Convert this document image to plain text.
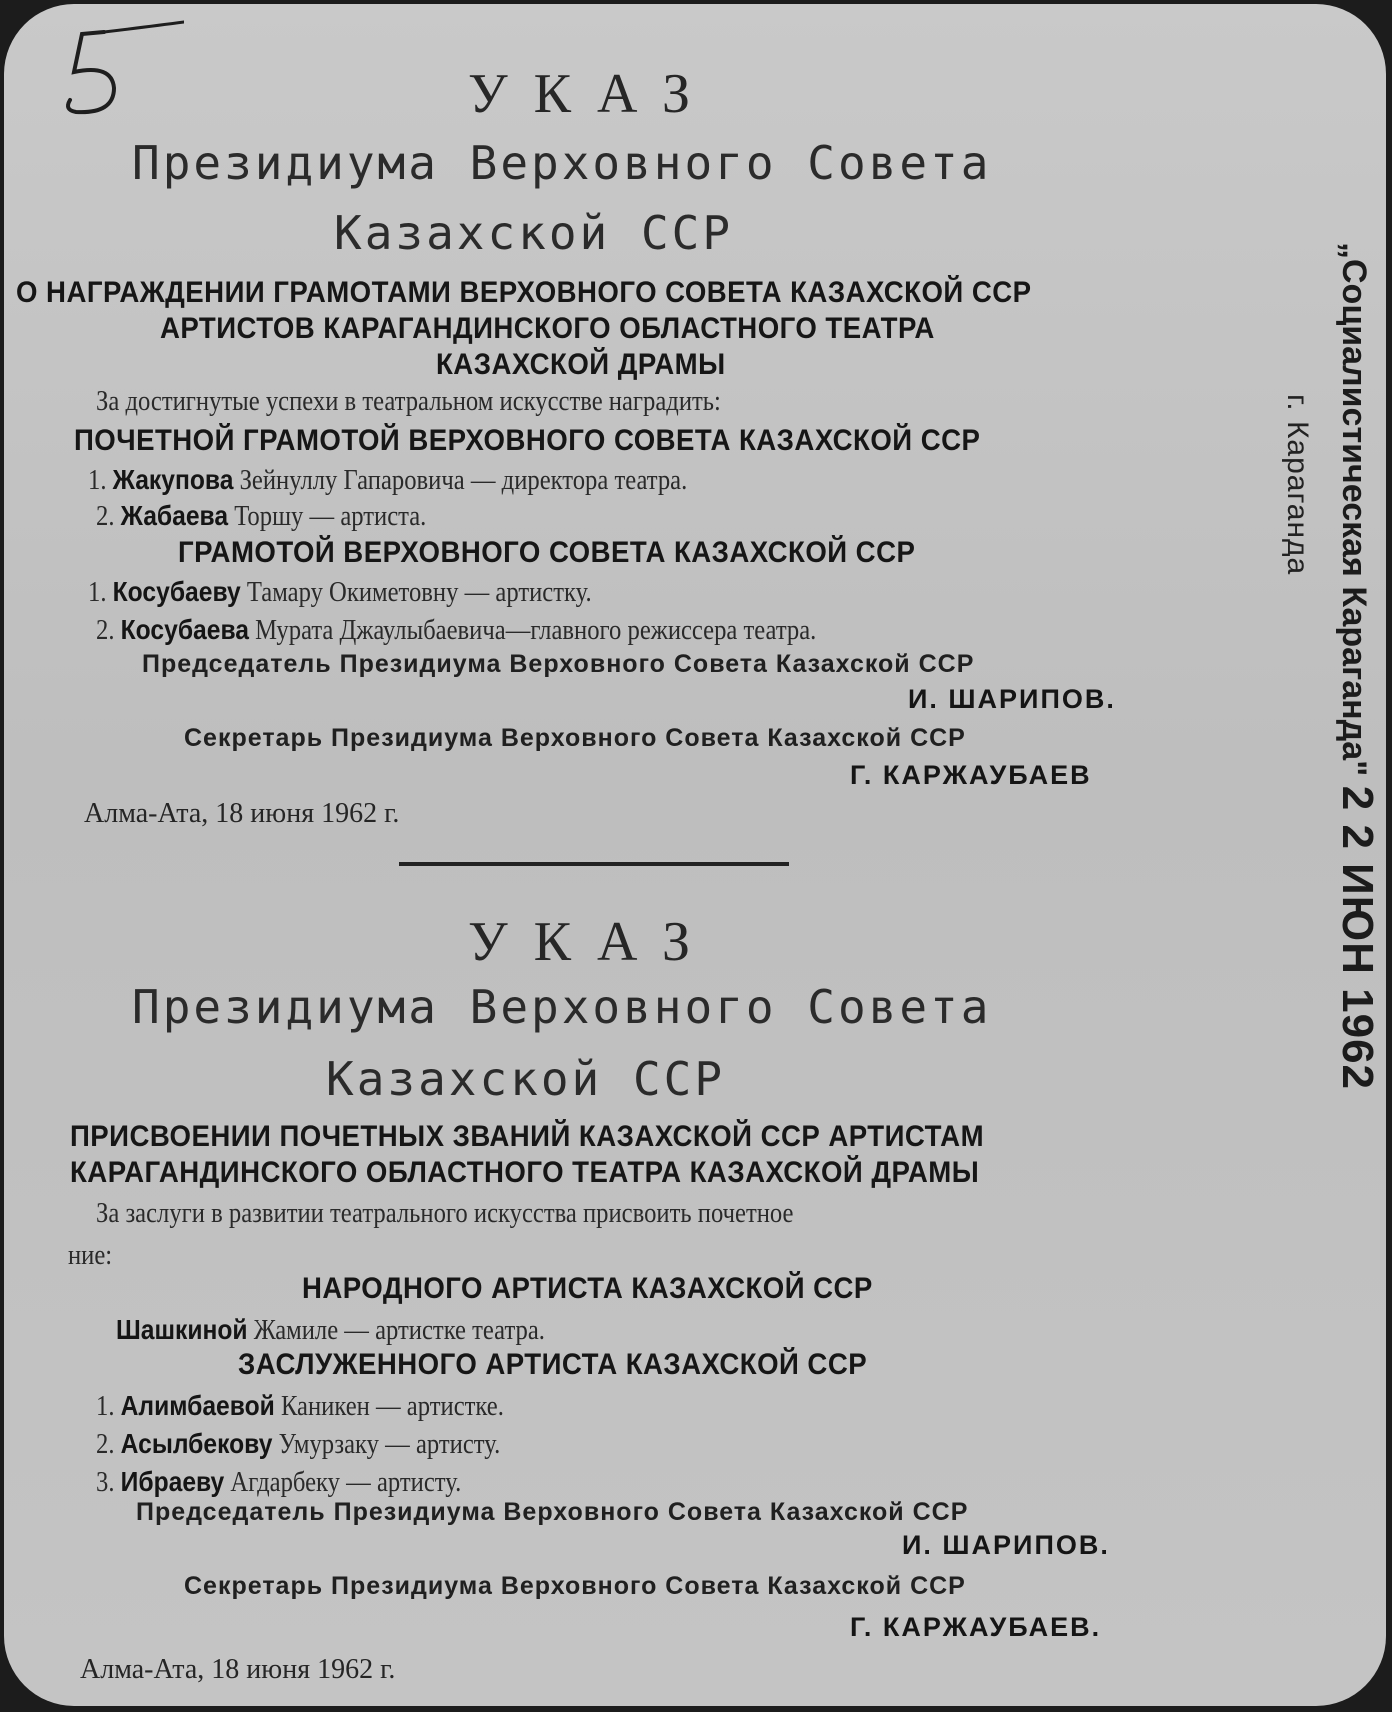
УКАЗ
Президиума Верховного Совета
Казахской ССР
О НАГРАЖДЕНИИ ГРАМОТАМИ ВЕРХОВНОГО СОВЕТА КАЗАХСКОЙ ССР
АРТИСТОВ КАРАГАНДИНСКОГО ОБЛАСТНОГО ТЕАТРА
КАЗАХСКОЙ ДРАМЫ
За достигнутые успехи в театральном искусстве наградить:
ПОЧЕТНОЙ ГРАМОТОЙ ВЕРХОВНОГО СОВЕТА КАЗАХСКОЙ ССР
1. Жакупова Зейнуллу Гапаровича — директора театра.
2. Жабаева Торшу — артиста.
ГРАМОТОЙ ВЕРХОВНОГО СОВЕТА КАЗАХСКОЙ ССР
1. Косубаеву Тамару Окиметовну — артистку.
2. Косубаева Мурата Джаулыбаевича—главного режиссера театра.
Председатель Президиума Верховного Совета Казахской ССР
И. ШАРИПОВ.
Секретарь Президиума Верховного Совета Казахской ССР
Г. КАРЖАУБАЕВ
Алма-Ата, 18 июня 1962 г.
УКАЗ
Президиума Верховного Совета
Казахской ССР
ПРИСВОЕНИИ ПОЧЕТНЫХ ЗВАНИЙ КАЗАХСКОЙ ССР АРТИСТАМ
КАРАГАНДИНСКОГО ОБЛАСТНОГО ТЕАТРА КАЗАХСКОЙ ДРАМЫ
За заслуги в развитии театрального искусства присвоить почетное
ние:
НАРОДНОГО АРТИСТА КАЗАХСКОЙ ССР
Шашкиной Жамиле — артистке театра.
ЗАСЛУЖЕННОГО АРТИСТА КАЗАХСКОЙ ССР
1. Алимбаевой Каникен — артистке.
2. Асылбекову Умурзаку — артисту.
3. Ибраеву Агдарбеку — артисту.
Председатель Президиума Верховного Совета Казахской ССР
И. ШАРИПОВ.
Секретарь Президиума Верховного Совета Казахской ССР
Г. КАРЖАУБАЕВ.
Алма-Ата, 18 июня 1962 г.
„Социалистическая Караганда" 2 2 ИЮН 1962
г. Караганда
